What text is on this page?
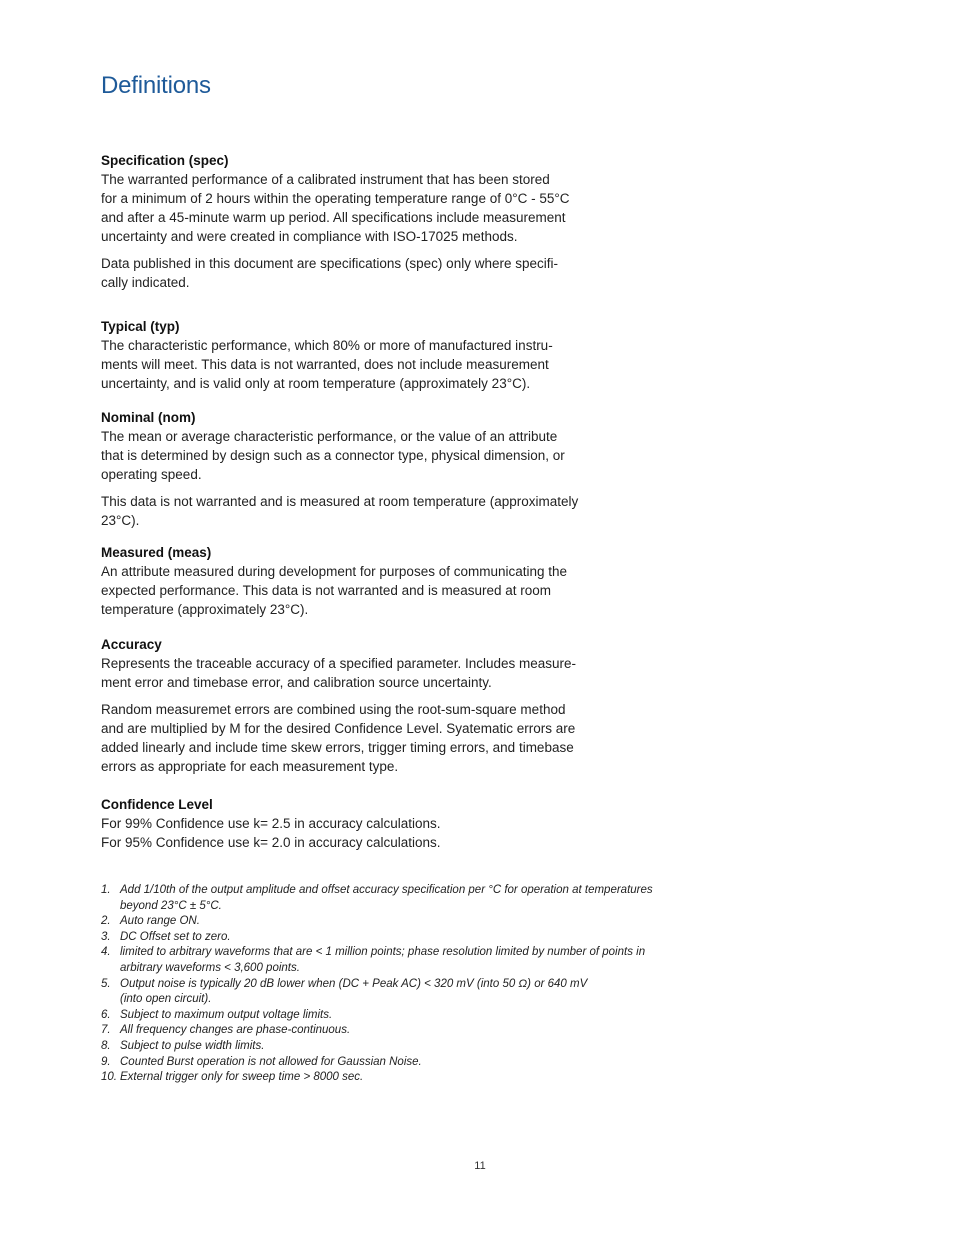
Definitions
Specification (spec)

The warranted performance of a calibrated instrument that has been stored
for a minimum of 2 hours within the operating temperature range of 0°C - 55°C
and after a 45-minute warm up period. All specifications include measurement
uncertainty and were created in compliance with ISO-17025 methods.

Data published in this document are specifications (spec) only where specifi-
cally indicated.

Typical (typ)

The characteristic performance, which 80% or more of manufactured instru-
ments will meet. This data is not warranted, does not include measurement
uncertainty, and is valid only at room temperature (approximately 23°C).

Nominal (nom)

The mean or average characteristic performance, or the value of an attribute
that is determined by design such as a connector type, physical dimension, or
operating speed.

This data is not warranted and is measured at room temperature (approximately
23°C).

Measured (meas)

An attribute measured during development for purposes of communicating the
expected performance. This data is not warranted and is measured at room
temperature (approximately 23°C).

Accuracy

Represents the traceable accuracy of a specified parameter. Includes measure-
ment error and timebase error, and calibration source uncertainty.

Random measuremet errors are combined using the root-sum-square method
and are multiplied by M for the desired Confidence Level. Syatematic errors are
added linearly and include time skew errors, trigger timing errors, and timebase
errors as appropriate for each measurement type.

Confidence Level

For 99% Confidence use k= 2.5 in accuracy calculations.
For 95% Confidence use k= 2.0 in accuracy calculations.

1. Add 1/10th of the output amplitude and offset accuracy specification per °C for operation at temperatures
beyond 23°C ± 5°C.
2. Auto range ON.
3. DC Offset set to zero.
4. limited to arbitrary waveforms that are < 1 million points; phase resolution limited by number of points in
arbitrary waveforms < 3,600 points.
5. Output noise is typically 20 dB lower when (DC + Peak AC) < 320 mV (into 50 Ω) or 640 mV
(into open circuit).
6. Subject to maximum output voltage limits.
7. All frequency changes are phase-continuous.
8. Subject to pulse width limits.
9. Counted Burst operation is not allowed for Gaussian Noise.
10. External trigger only for sweep time > 8000 sec.
11
